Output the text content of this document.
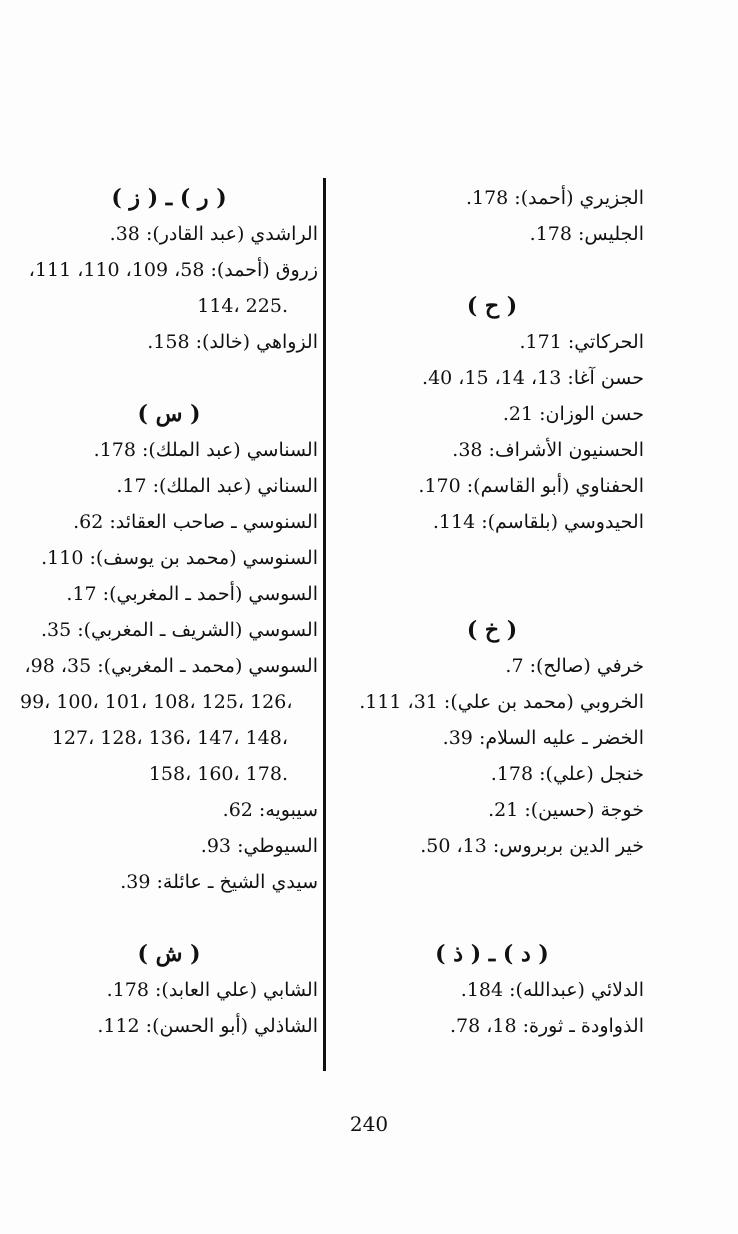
الجزيري (أحمد): 178.
الجليس: 178.
( ح )
الحركاتي: 171.
حسن آغا: 13، 14، 15، 40.
حسن الوزان: 21.
الحسنيون الأشراف: 38.
الحفناوي (أبو القاسم): 170.
الحيدوسي (بلقاسم): 114.
( خ )
خرفي (صالح): 7.
الخروبي (محمد بن علي): 31، 111.
الخضر ـ عليه السلام: 39.
خنجل (علي): 178.
خوجة (حسين): 21.
خير الدين بربروس: 13، 50.
( د ) ـ ( ذ )
الدلائي (عبدالله): 184.
الذواودة ـ ثورة: 18، 78.
( ر ) ـ ( ز )
الراشدي (عبد القادر): 38.
زروق (أحمد): 58، 109، 110، 111،
114، 225.
الزواهي (خالد): 158.
( س )
السناسي (عبد الملك): 178.
السناني (عبد الملك): 17.
السنوسي ـ صاحب العقائد: 62.
السنوسي (محمد بن يوسف): 110.
السوسي (أحمد ـ المغربي): 17.
السوسي (الشريف ـ المغربي): 35.
السوسي (محمد ـ المغربي): 35، 98،
99، 100، 101، 108، 125، 126،
127، 128، 136، 147، 148،
158، 160، 178.
سيبويه: 62.
السيوطي: 93.
سيدي الشيخ ـ عائلة: 39.
( ش )
الشابي (علي العابد): 178.
الشاذلي (أبو الحسن): 112.
240
